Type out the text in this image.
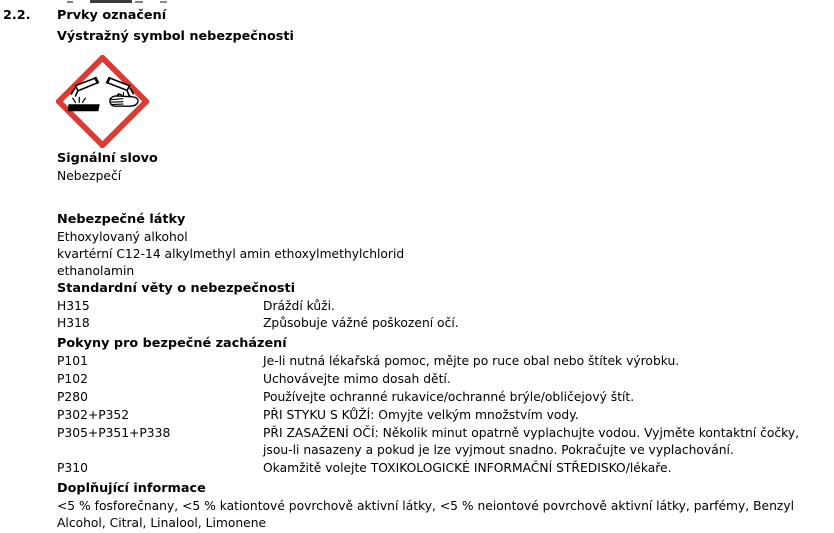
2.2. Prvky označení
Výstražný symbol nebezpečnosti
Signální slovo
Nebezpečí
Nebezpečné látky
Ethoxylovaný alkohol
kvartérní C12-14 alkylmethyl amin ethoxylmethylchlorid
ethanolamin
Standardní věty o nebezpečnosti
H315	Dráždí kůži.
H318	Způsobuje vážné poškození očí.
Pokyny pro bezpečné zacházení
P101	Je-li nutná lékařská pomoc, mějte po ruce obal nebo štítek výrobku.
P102	Uchovávejte mimo dosah dětí.
P280	Používejte ochranné rukavice/ochranné brýle/obličejový štít.
P302+P352	PŘI STYKU S KŮŽÍ: Omyjte velkým množstvím vody.
P305+P351+P338	PŘI ZASAŽENÍ OČÍ: Několik minut opatrně vyplachujte vodou. Vyjměte kontaktní čočky, jsou-li nasazeny a pokud je lze vyjmout snadno. Pokračujte ve vyplachování.
P310	Okamžitě volejte TOXIKOLOGICKÉ INFORMAČNÍ STŘEDISKO/lékaře.
Doplňující informace
<5 % fosforečnany, <5 % kationtové povrchově aktivní látky, <5 % neiontové povrchově aktivní látky, parfémy, Benzyl Alcohol, Citral, Linalool, Limonene
